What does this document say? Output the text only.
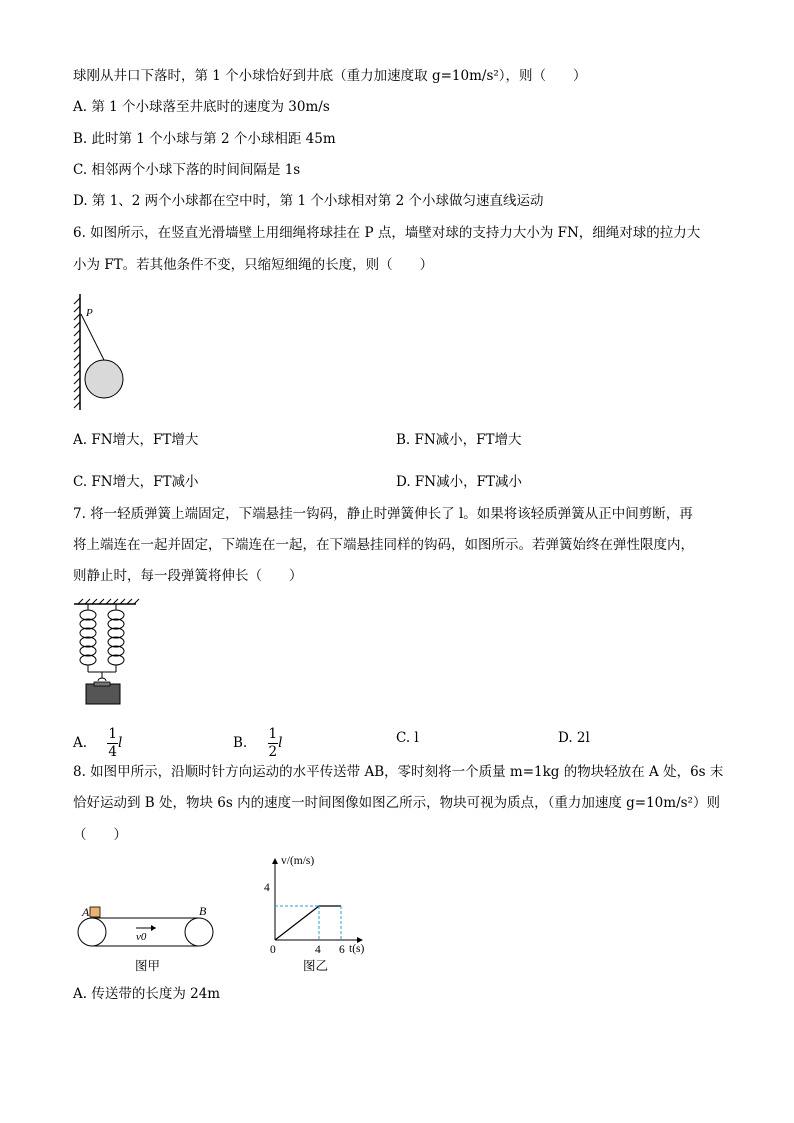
球刚从井口下落时，第 1 个小球恰好到井底（重力加速度取 g=10m/s²），则（　　）
A. 第 1 个小球落至井底时的速度为 30m/s
B. 此时第 1 个小球与第 2 个小球相距 45m
C. 相邻两个小球下落的时间间隔是 1s
D. 第 1、2 两个小球都在空中时，第 1 个小球相对第 2 个小球做匀速直线运动
6. 如图所示，在竖直光滑墙壁上用细绳将球挂在 P 点，墙壁对球的支持力大小为 FN，细绳对球的拉力大
小为 FT。若其他条件不变，只缩短细绳的长度，则（　　）
P
A. FN增大，FT增大	B. FN减小，FT增大
C. FN增大，FT减小	D. FN减小，FT减小
7. 将一轻质弹簧上端固定，下端悬挂一钩码，静止时弹簧伸长了 l。如果将该轻质弹簧从正中间剪断，再
将上端连在一起并固定，下端连在一起，在下端悬挂同样的钩码，如图所示。若弹簧始终在弹性限度内，
则静止时，每一段弹簧将伸长（　　）
A. $\frac{1}{4}$ l	B. $\frac{1}{2}$ l	C. l	D. 2l
8. 如图甲所示，沿顺时针方向运动的水平传送带 AB，零时刻将一个质量 m=1kg 的物块轻放在 A 处，6s 末
恰好运动到 B 处，物块 6s 内的速度一时间图像如图乙所示，物块可视为质点，（重力加速度 g=10m/s²）则
（　　）
A	B
v0
图甲
v/(m/s)
t(s)
0
4
4 6
图乙
A. 传送带的长度为 24m
